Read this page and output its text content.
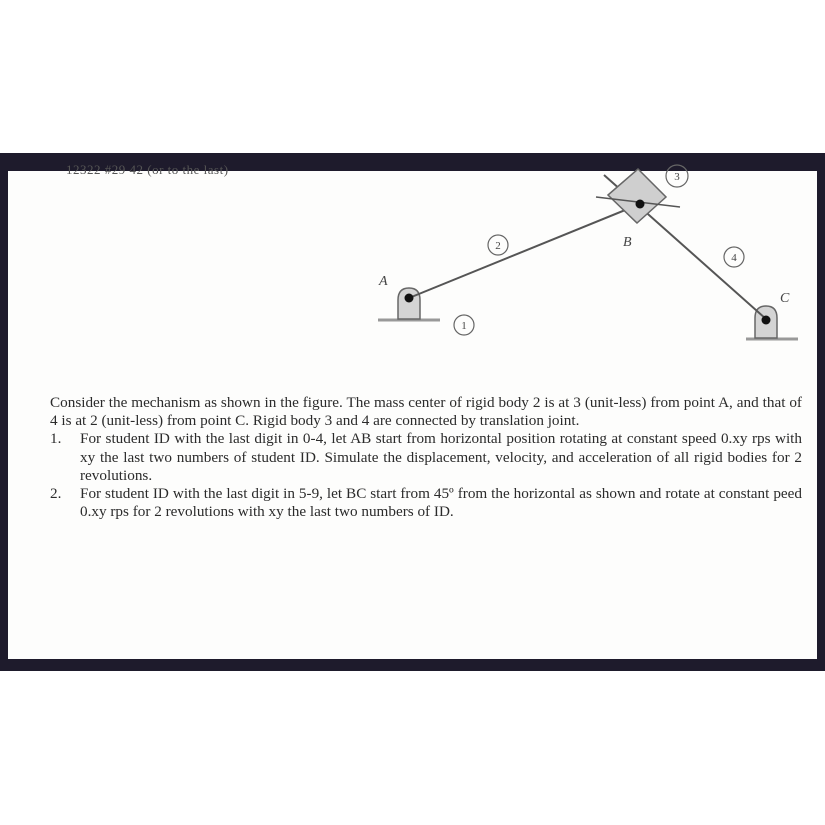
12322 #29 42 (or to the last)
A
B
C
1
2
3
4

Consider the mechanism as shown in the figure. The mass center of rigid body 2 is at 3 (unit-less) from point A, and that of 4 is at 2 (unit-less) from point C. Rigid body 3 and 4 are connected by translation joint.

1.	For student ID with the last digit in 0-4, let AB start from horizontal position rotating at constant speed 0.xy rps with xy the last two numbers of student ID. Simulate the displacement, velocity, and acceleration of all rigid bodies for 2 revolutions.
2.	For student ID with the last digit in 5-9, let BC start from 45º from the horizontal as shown and rotate at constant peed 0.xy rps for 2 revolutions with xy the last two numbers of ID.
